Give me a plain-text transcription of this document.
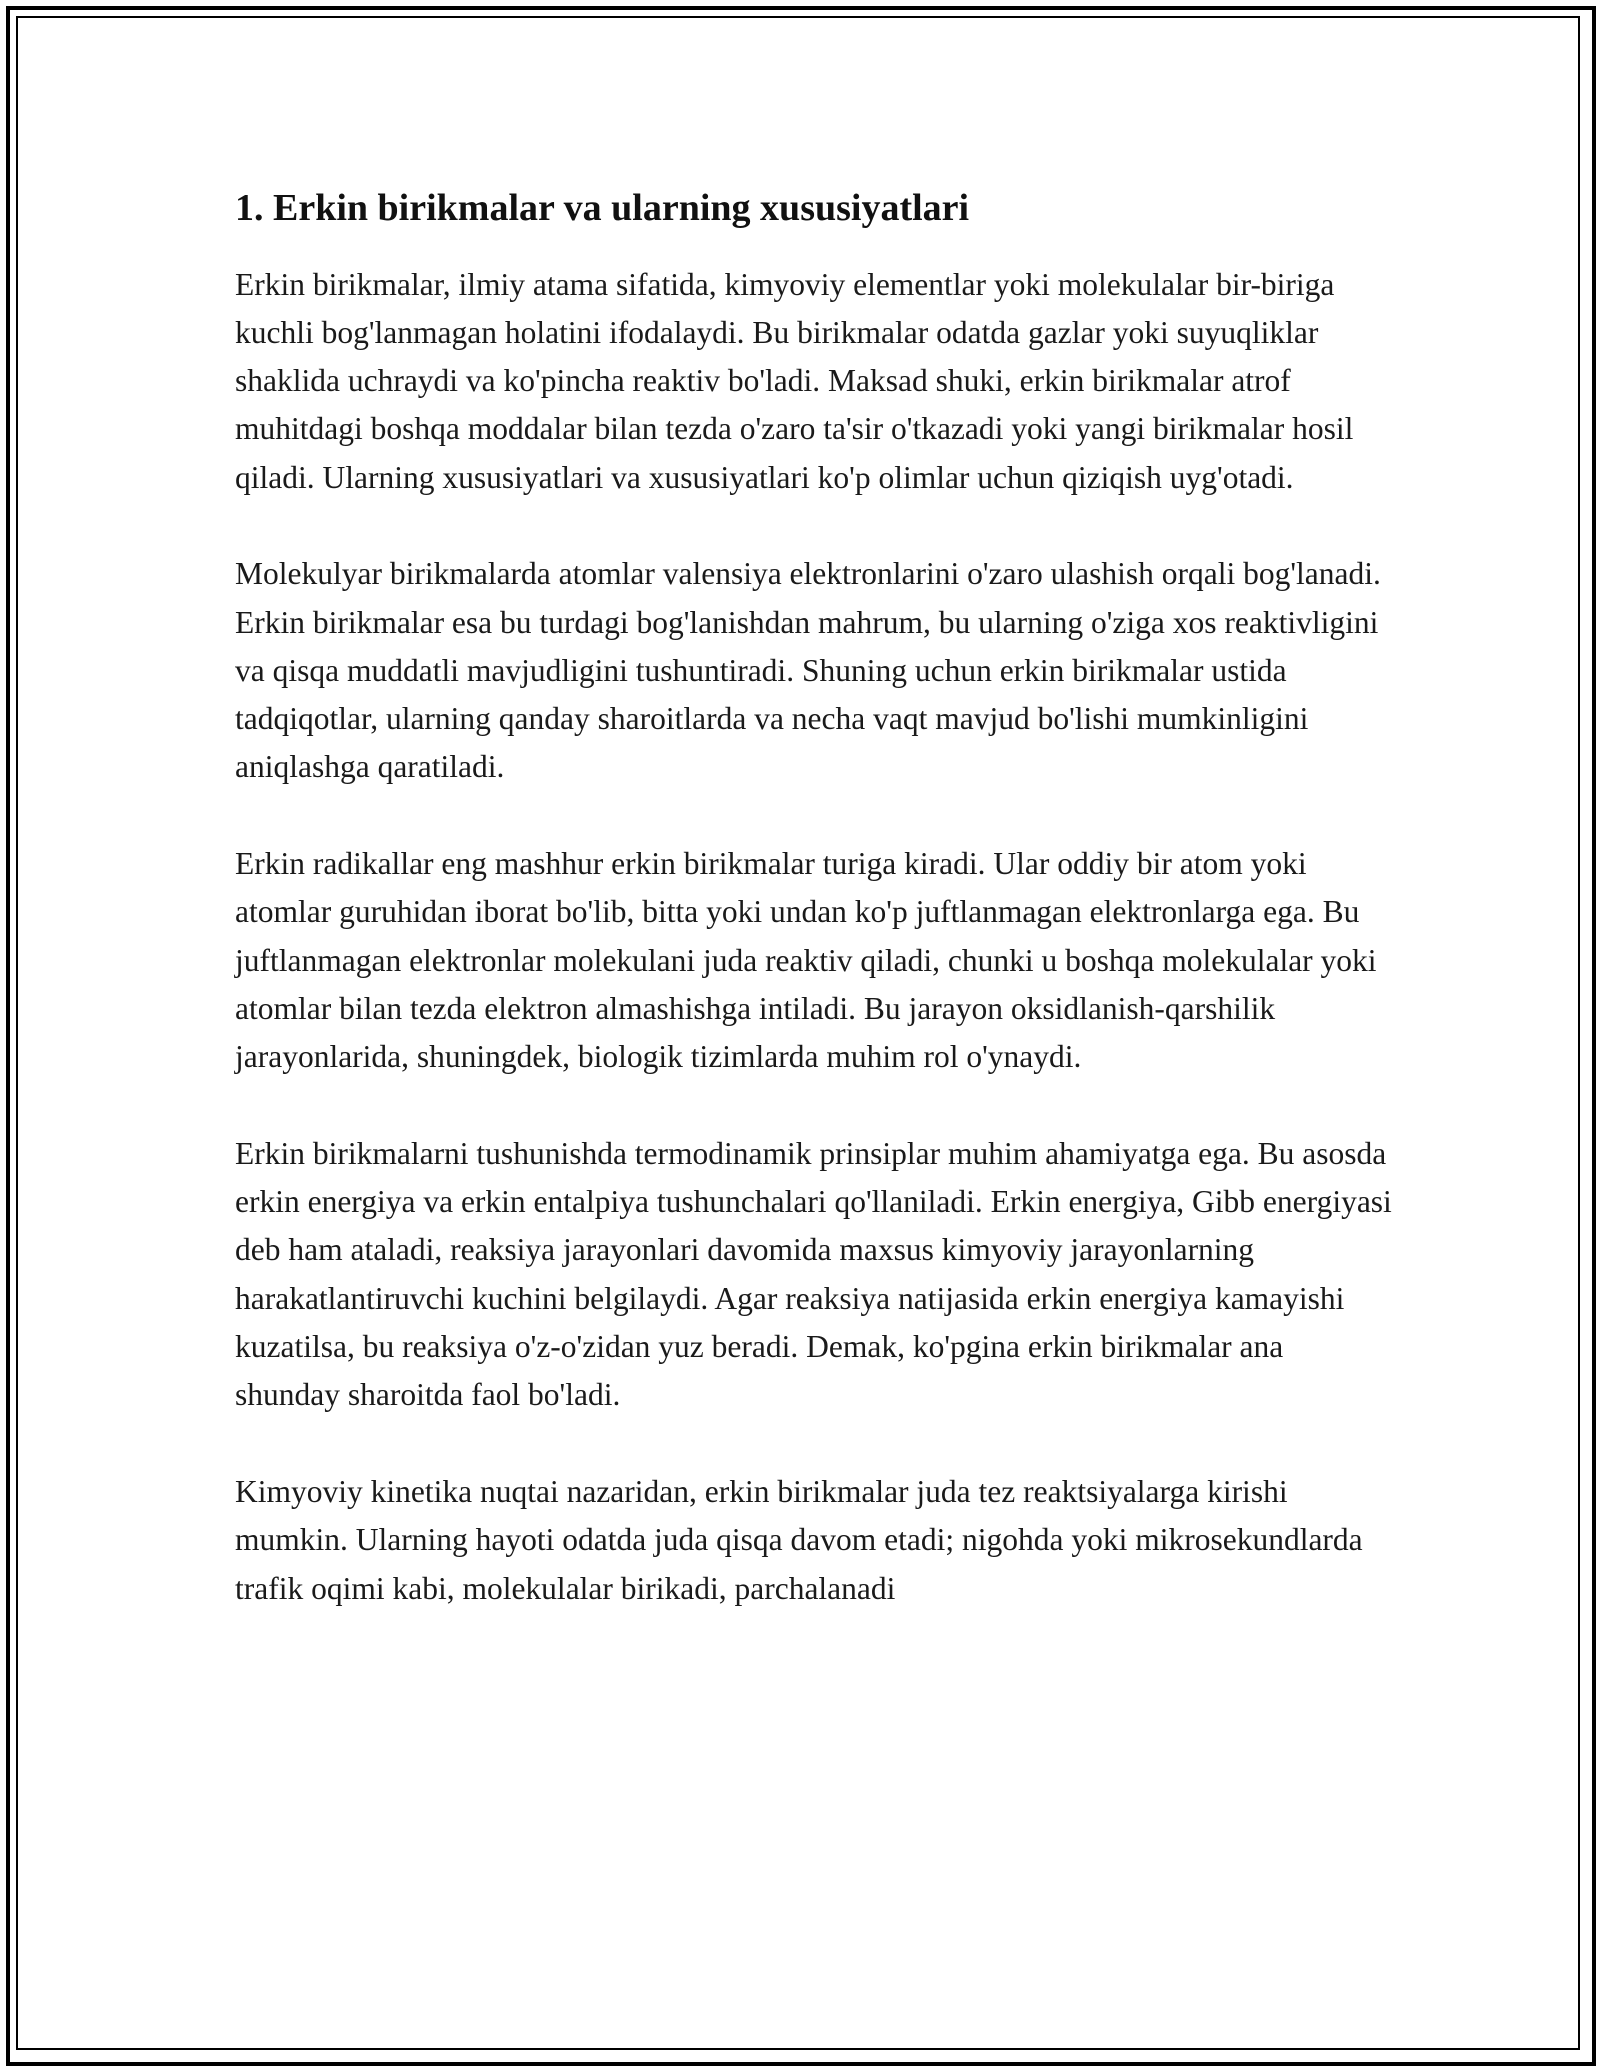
1. Erkin birikmalar va ularning xususiyatlari

Erkin birikmalar, ilmiy atama sifatida, kimyoviy elementlar yoki molekulalar bir-biriga kuchli bog'lanmagan holatini ifodalaydi. Bu birikmalar odatda gazlar yoki suyuqliklar shaklida uchraydi va ko'pincha reaktiv bo'ladi. Maksad shuki, erkin birikmalar atrof muhitdagi boshqa moddalar bilan tezda o'zaro ta'sir o'tkazadi yoki yangi birikmalar hosil qiladi. Ularning xususiyatlari va xususiyatlari ko'p olimlar uchun qiziqish uyg'otadi.

Molekulyar birikmalarda atomlar valensiya elektronlarini o'zaro ulashish orqali bog'lanadi. Erkin birikmalar esa bu turdagi bog'lanishdan mahrum, bu ularning o'ziga xos reaktivligini va qisqa muddatli mavjudligini tushuntiradi. Shuning uchun erkin birikmalar ustida tadqiqotlar, ularning qanday sharoitlarda va necha vaqt mavjud bo'lishi mumkinligini aniqlashga qaratiladi.

Erkin radikallar eng mashhur erkin birikmalar turiga kiradi. Ular oddiy bir atom yoki atomlar guruhidan iborat bo'lib, bitta yoki undan ko'p juftlanmagan elektronlarga ega. Bu juftlanmagan elektronlar molekulani juda reaktiv qiladi, chunki u boshqa molekulalar yoki atomlar bilan tezda elektron almashishga intiladi. Bu jarayon oksidlanish-qarshilik jarayonlarida, shuningdek, biologik tizimlarda muhim rol o'ynaydi.

Erkin birikmalarni tushunishda termodinamik prinsiplar muhim ahamiyatga ega. Bu asosda erkin energiya va erkin entalpiya tushunchalari qo'llaniladi. Erkin energiya, Gibb energiyasi deb ham ataladi, reaksiya jarayonlari davomida maxsus kimyoviy jarayonlarning harakatlantiruvchi kuchini belgilaydi. Agar reaksiya natijasida erkin energiya kamayishi kuzatilsa, bu reaksiya o'z-o'zidan yuz beradi. Demak, ko'pgina erkin birikmalar ana shunday sharoitda faol bo'ladi.

Kimyoviy kinetika nuqtai nazaridan, erkin birikmalar juda tez reaktsiyalarga kirishi mumkin. Ularning hayoti odatda juda qisqa davom etadi; nigohda yoki mikrosekundlarda trafik oqimi kabi, molekulalar birikadi, parchalanadi
